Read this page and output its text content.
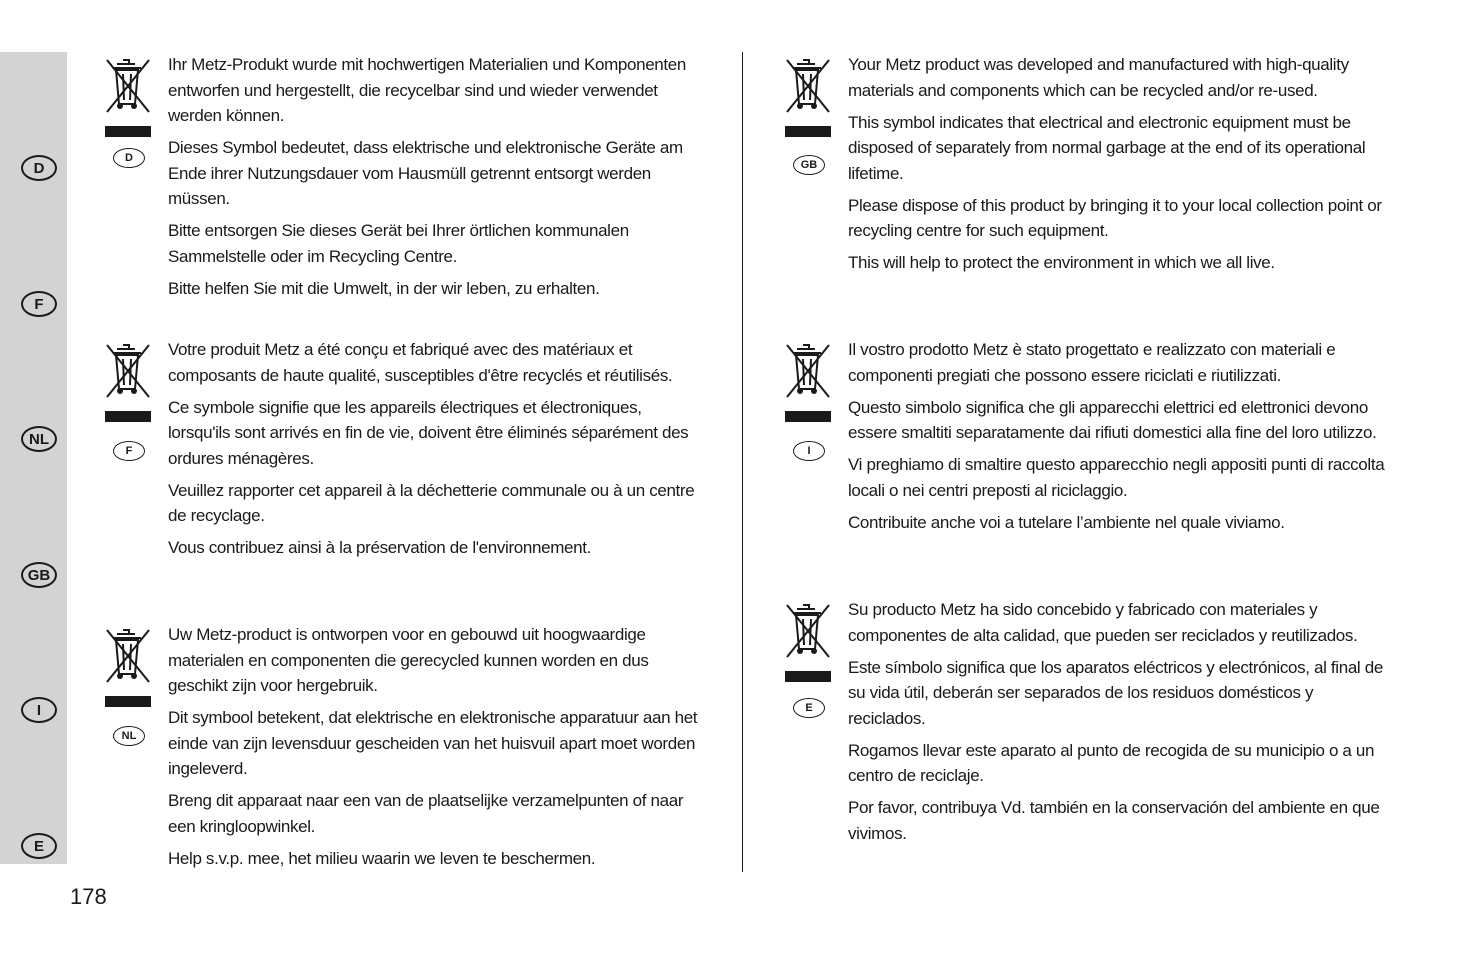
D
F
NL
GB
I
E
D

Ihr Metz-Produkt wurde mit hochwertigen Materialien und Komponenten entworfen und hergestellt, die recycelbar sind und wieder verwendet werden können.

Dieses Symbol bedeutet, dass elektrische und elektronische Geräte am Ende ihrer Nutzungsdauer vom Hausmüll getrennt entsorgt werden müssen.

Bitte entsorgen Sie dieses Gerät bei Ihrer örtlichen kommunalen Sammelstelle oder im Recycling Centre.

Bitte helfen Sie mit die Umwelt, in der wir leben, zu erhalten.

F

Votre produit Metz a été conçu et fabriqué avec des matériaux et composants de haute qualité, susceptibles d'être recyclés et réutilisés.

Ce symbole signifie que les appareils électriques et électroniques, lorsqu'ils sont arrivés en fin de vie, doivent être éliminés séparément des ordures ménagères.

Veuillez rapporter cet appareil à la déchetterie communale ou à un centre de recyclage.

Vous contribuez ainsi à la préservation de l'environnement.

NL

Uw Metz-product is ontworpen voor en gebouwd uit hoogwaardige materialen en componenten die gerecycled kunnen worden en dus geschikt zijn voor hergebruik.

Dit symbool betekent, dat elektrische en elektronische apparatuur aan het einde van zijn levensduur gescheiden van het huisvuil apart moet worden ingeleverd.

Breng dit apparaat naar een van de plaatselijke verzamelpunten of naar een kringloopwinkel.

Help s.v.p. mee, het milieu waarin we leven te beschermen.

GB

Your Metz product was developed and manufactured with high-quality materials and components which can be recycled and/or re-used.

This symbol indicates that electrical and electronic equipment must be disposed of separately from normal garbage at the end of its operational lifetime.

Please dispose of this product by bringing it to your local collection point or recycling centre for such equipment.

This will help to protect the environment in which we all live.

I

Il vostro prodotto Metz è stato progettato e realizzato con materiali e componenti pregiati che possono essere riciclati e riutilizzati.

Questo simbolo significa che gli apparecchi elettrici ed elettronici devono essere smaltiti separatamente dai rifiuti domestici alla fine del loro utilizzo.

Vi preghiamo di smaltire questo apparecchio negli appositi punti di raccolta locali o nei centri preposti al riciclaggio.

Contribuite anche voi a tutelare l’ambiente nel quale viviamo.

E

Su producto Metz ha sido concebido y fabricado con materiales y componentes de alta calidad, que pueden ser reciclados y reutilizados.

Este símbolo significa que los aparatos eléctricos y electrónicos, al final de su vida útil, deberán ser separados de los residuos domésticos y reciclados.

Rogamos llevar este aparato al punto de recogida de su municipio o a un centro de reciclaje.

Por favor, contribuya Vd. también en la conservación del ambiente en que vivimos.

178
